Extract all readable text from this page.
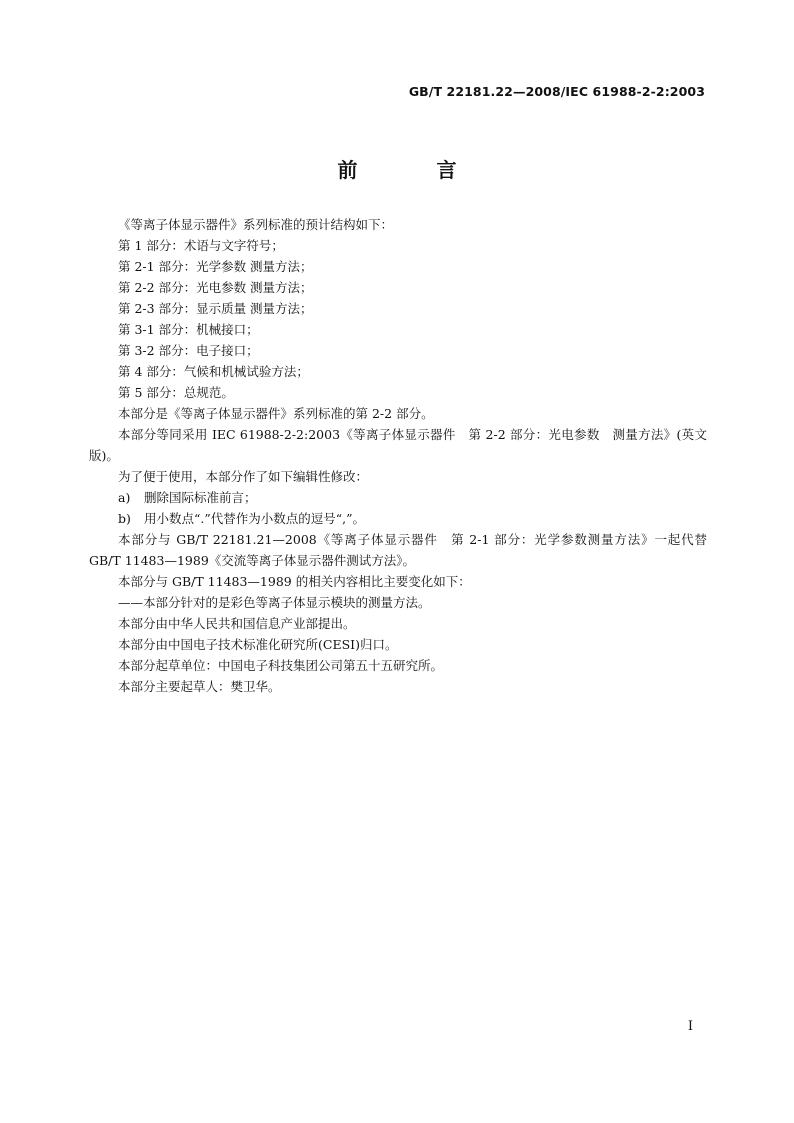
GB/T 22181.22—2008/IEC 61988-2-2:2003
前 言

《等离子体显示器件》系列标准的预计结构如下：

第 1 部分：术语与文字符号；

第 2-1 部分：光学参数 测量方法；

第 2-2 部分：光电参数 测量方法；

第 2-3 部分：显示质量 测量方法；

第 3-1 部分：机械接口；

第 3-2 部分：电子接口；

第 4 部分：气候和机械试验方法；

第 5 部分：总规范。

本部分是《等离子体显示器件》系列标准的第 2-2 部分。

本部分等同采用 IEC 61988-2-2:2003《等离子体显示器件　第 2-2 部分：光电参数　测量方法》(英文版)。

为了便于使用，本部分作了如下编辑性修改：

a) 删除国际标准前言；

b) 用小数点“.”代替作为小数点的逗号“,”。

本部分与 GB/T 22181.21—2008《等离子体显示器件　第 2-1 部分：光学参数测量方法》一起代替 GB/T 11483—1989《交流等离子体显示器件测试方法》。

本部分与 GB/T 11483—1989 的相关内容相比主要变化如下：

——本部分针对的是彩色等离子体显示模块的测量方法。

本部分由中华人民共和国信息产业部提出。

本部分由中国电子技术标准化研究所(CESI)归口。

本部分起草单位：中国电子科技集团公司第五十五研究所。

本部分主要起草人：樊卫华。

I
